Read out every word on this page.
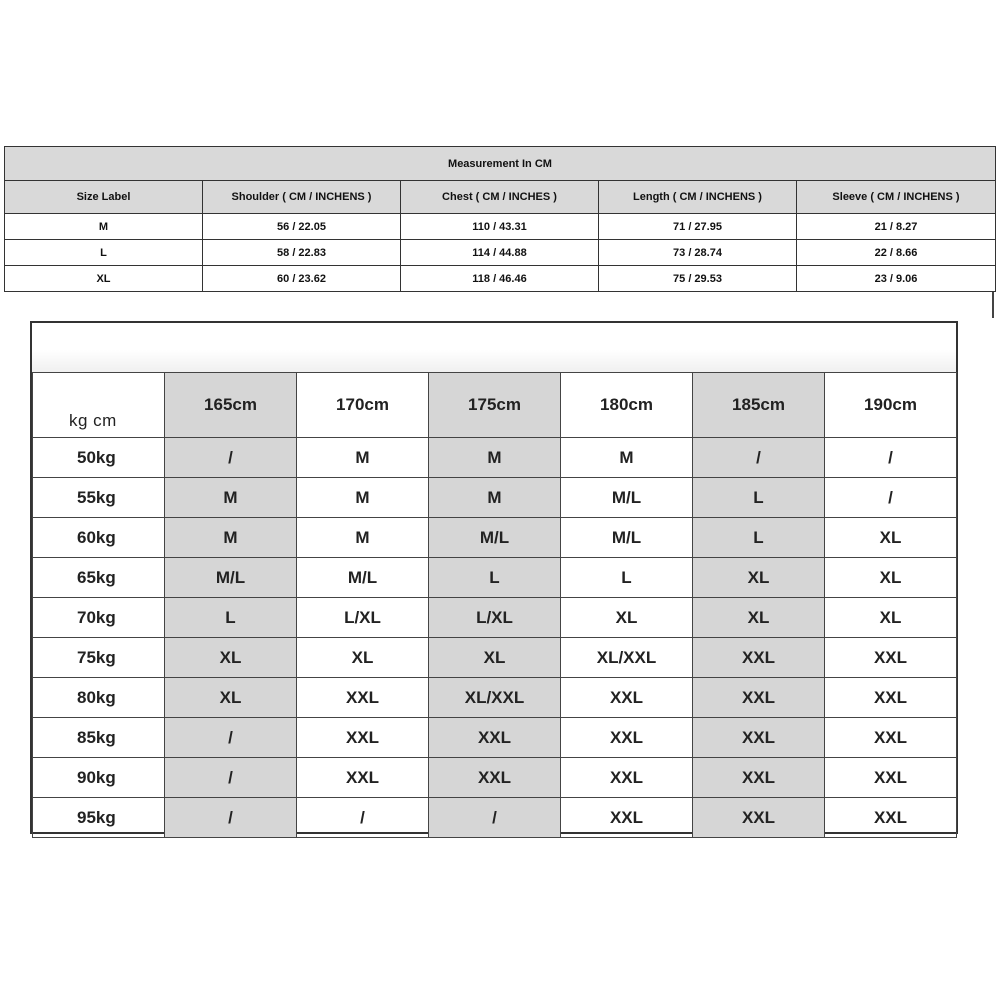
Measurement In CM				
Size Label	Shoulder ( CM / INCHENS )	Chest ( CM / INCHES )	Length ( CM / INCHENS )	Sleeve ( CM / INCHENS )
M	56 / 22.05	110 / 43.31	71 / 27.95	21 / 8.27
L	58 / 22.83	114 / 44.88	73 / 28.74	22 / 8.66
XL	60 / 23.62	118 / 46.46	75 / 29.53	23 / 9.06
kg cm	165cm	170cm	175cm	180cm	185cm	190cm
50kg	/	M	M	M	/	/
55kg	M	M	M	M/L	L	/
60kg	M	M	M/L	M/L	L	XL
65kg	M/L	M/L	L	L	XL	XL
70kg	L	L/XL	L/XL	XL	XL	XL
75kg	XL	XL	XL	XL/XXL	XXL	XXL
80kg	XL	XXL	XL/XXL	XXL	XXL	XXL
85kg	/	XXL	XXL	XXL	XXL	XXL
90kg	/	XXL	XXL	XXL	XXL	XXL
95kg	/	/	/	XXL	XXL	XXL
